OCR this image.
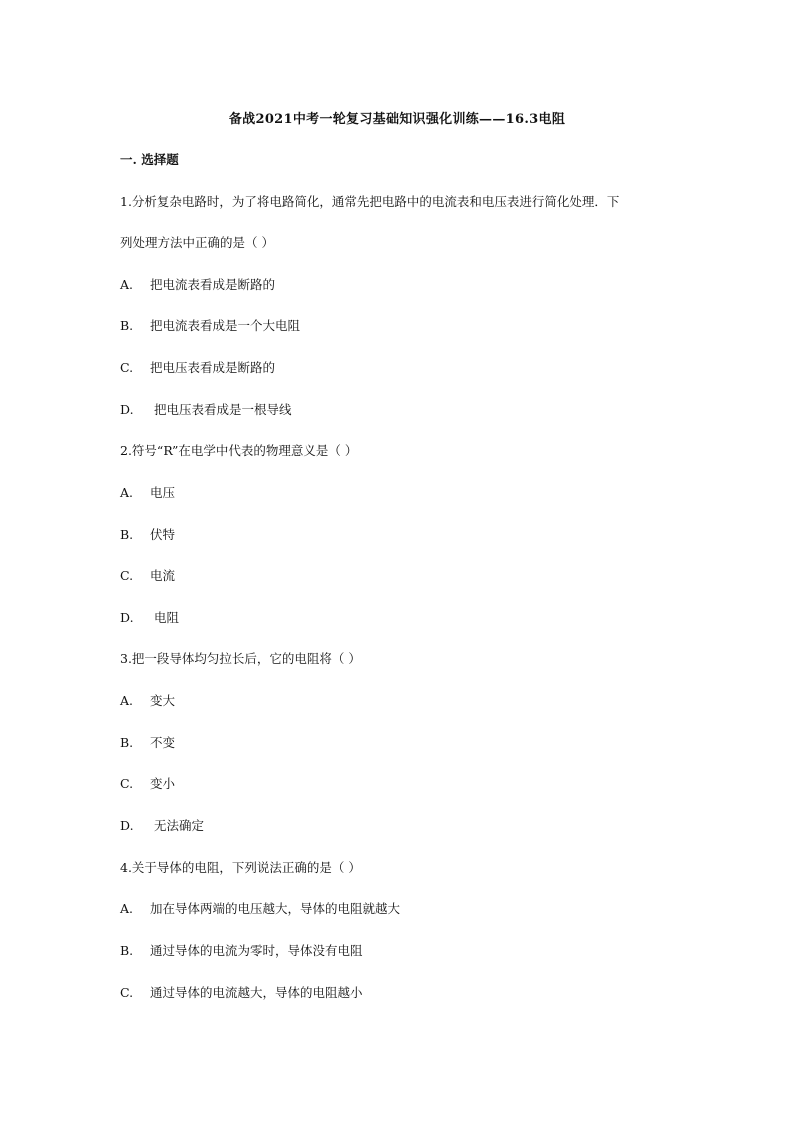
备战2021中考一轮复习基础知识强化训练——16.3电阻
一. 选择题
1.分析复杂电路时，为了将电路简化，通常先把电路中的电流表和电压表进行简化处理．下
列处理方法中正确的是（ ）
A. 把电流表看成是断路的
B. 把电流表看成是一个大电阻
C. 把电压表看成是断路的
D. 把电压表看成是一根导线
2.符号“R”在电学中代表的物理意义是（ ）
A. 电压
B. 伏特
C. 电流
D. 电阻
3.把一段导体均匀拉长后，它的电阻将（ ）
A. 变大
B. 不变
C. 变小
D. 无法确定
4.关于导体的电阻，下列说法正确的是（ ）
A. 加在导体两端的电压越大，导体的电阻就越大
B. 通过导体的电流为零时，导体没有电阻
C. 通过导体的电流越大，导体的电阻越小
